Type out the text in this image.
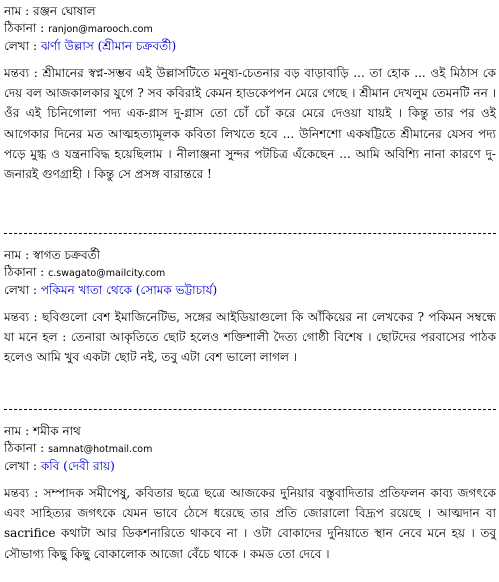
নাম : রঞ্জন ঘোষাল
ঠিকানা : ranjon@marooch.com
লেখা : ঝর্ণা উল্লাস (শ্রীমান চক্রবর্তী)
মন্তব্য : শ্রীমানের স্বপ্ন-সম্ভব এই উল্লাসটিতে মনুষ্য-চেতনার বড় বাড়াবাড়ি ... তা হোক ... ওই মিঠাস কে দেয় বল আজকালকার যুগে ? সব কবিরাই কেমন হাডকেপপন মেরে গেছে । শ্রীমান দেখলুম তেমনটি নন । ওঁর এই চিনিগোলা পদ্য এক-গ্লাস দু-গ্লাস তো চোঁ চোঁ করে মেরে দেওয়া যায়ই । কিন্তু তার পর ওই আগেকার দিনের মত আত্মহত্যামূলক কবিতা লিখতে হবে ... উনিশশো একষট্টিতে শ্রীমানের যেসব পদ্য পড়ে মুগ্ধ ও যন্ত্রনাবিদ্ধ হয়েছিলাম । নীলাঞ্জনা সুন্দর পটচিত্র এঁকেছেন ... আমি অবিশ্যি নানা কারণে দু-জনারই গুণগ্রাহী । কিন্তু সে প্রসঙ্গ বারান্তরে !
নাম : স্বাগত চক্রবর্তী
ঠিকানা : c.swagato@mailcity.com
লেখা : পকিমন খাতা থেকে (সোমক ভট্টাচার্য)
মন্তব্য : ছবিগুলো বেশ ইমাজিনেটিভ, সঙ্গের আইডিয়াগুলো কি আঁকিয়ের না লেখকের ? পকিমন সম্বন্ধে যা মনে হল : তেনারা আকৃতিতে ছোট হলেও শক্তিশালী দৈত্য গোষ্ঠী বিশেষ । ছোটদের পরবাসের পাঠক হলেও আমি খুব একটা ছোট নই, তবু এটা বেশ ভালো লাগল ।
নাম : শমীক নাথ
ঠিকানা : samnat@hotmail.com
লেখা : কবি (দেবী রায়)
মন্তব্য : সম্পাদক সমীপেষু, কবিতার ছত্রে ছত্রে আজকের দুনিয়ার বস্তুবাদিতার প্রতিফলন কাব্য জগৎকে এবং সাহিত্যর জগৎকে যেমন ভাবে ঠেসে ধরেছে তার প্রতি জোরালো বিদ্রূপ রয়েছে । আত্মদান বা sacrifice কথাটা আর ডিকশনারিতে থাকবে না । ওটা বোকাদের দুনিয়াতে স্থান নেবে মনে হয় । তবু সৌভাগ্য কিছু কিছু বোকালোক আজো বেঁচে থাকে । কমড তো দেবে ।
